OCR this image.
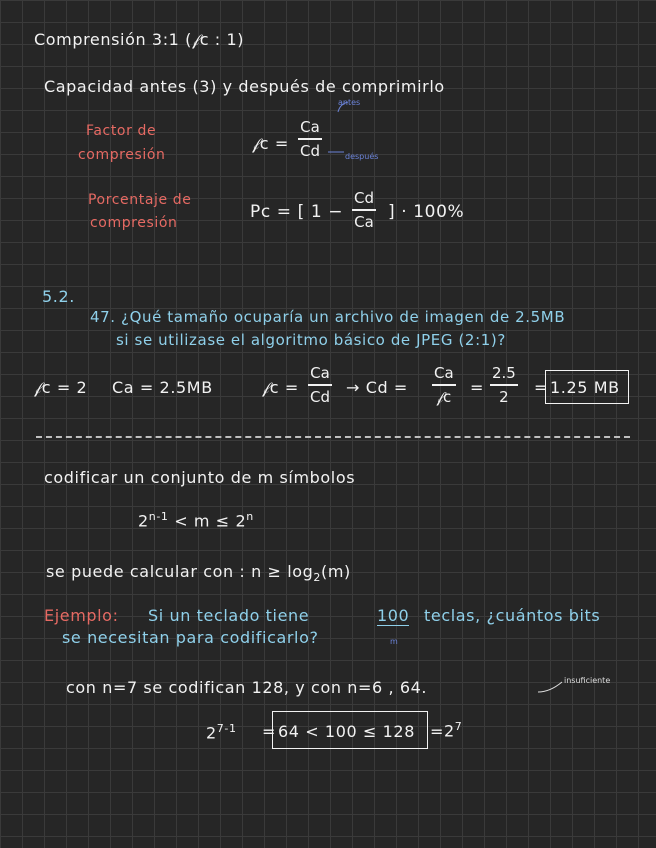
Comprensión 3:1 (𝒻c : 1)
Capacidad antes (3) y después de comprimirlo
Factor de
compresión
𝒻c =
Ca
Cd
antes
después
Porcentaje de
compresión
Pc = [ 1 −
Cd
Ca ] · 100%
5.2.
47. ¿Qué tamaño ocuparía un archivo de imagen de 2.5MB
si se utilizase el algoritmo básico de JPEG (2:1)?
𝒻c = 2 Ca = 2.5MB	𝒻c =
Ca
Cd → Cd =
Ca
𝒻c =
2.5
2 = 1.25 MB
codificar un conjunto de m símbolos
$2^{n-1} < m \le 2^n$
se puede calcular con : $n \ge \log_2(m)$
Ejemplo: Si un teclado tiene	100
m
teclas, ¿cuántos bits
se necesitan para codificarlo?
con n=7 se codifican 128, y con n=6 , 64.	insuficiente
$2^{7-1} = 64 < 100 \le 128 = 2^7$
